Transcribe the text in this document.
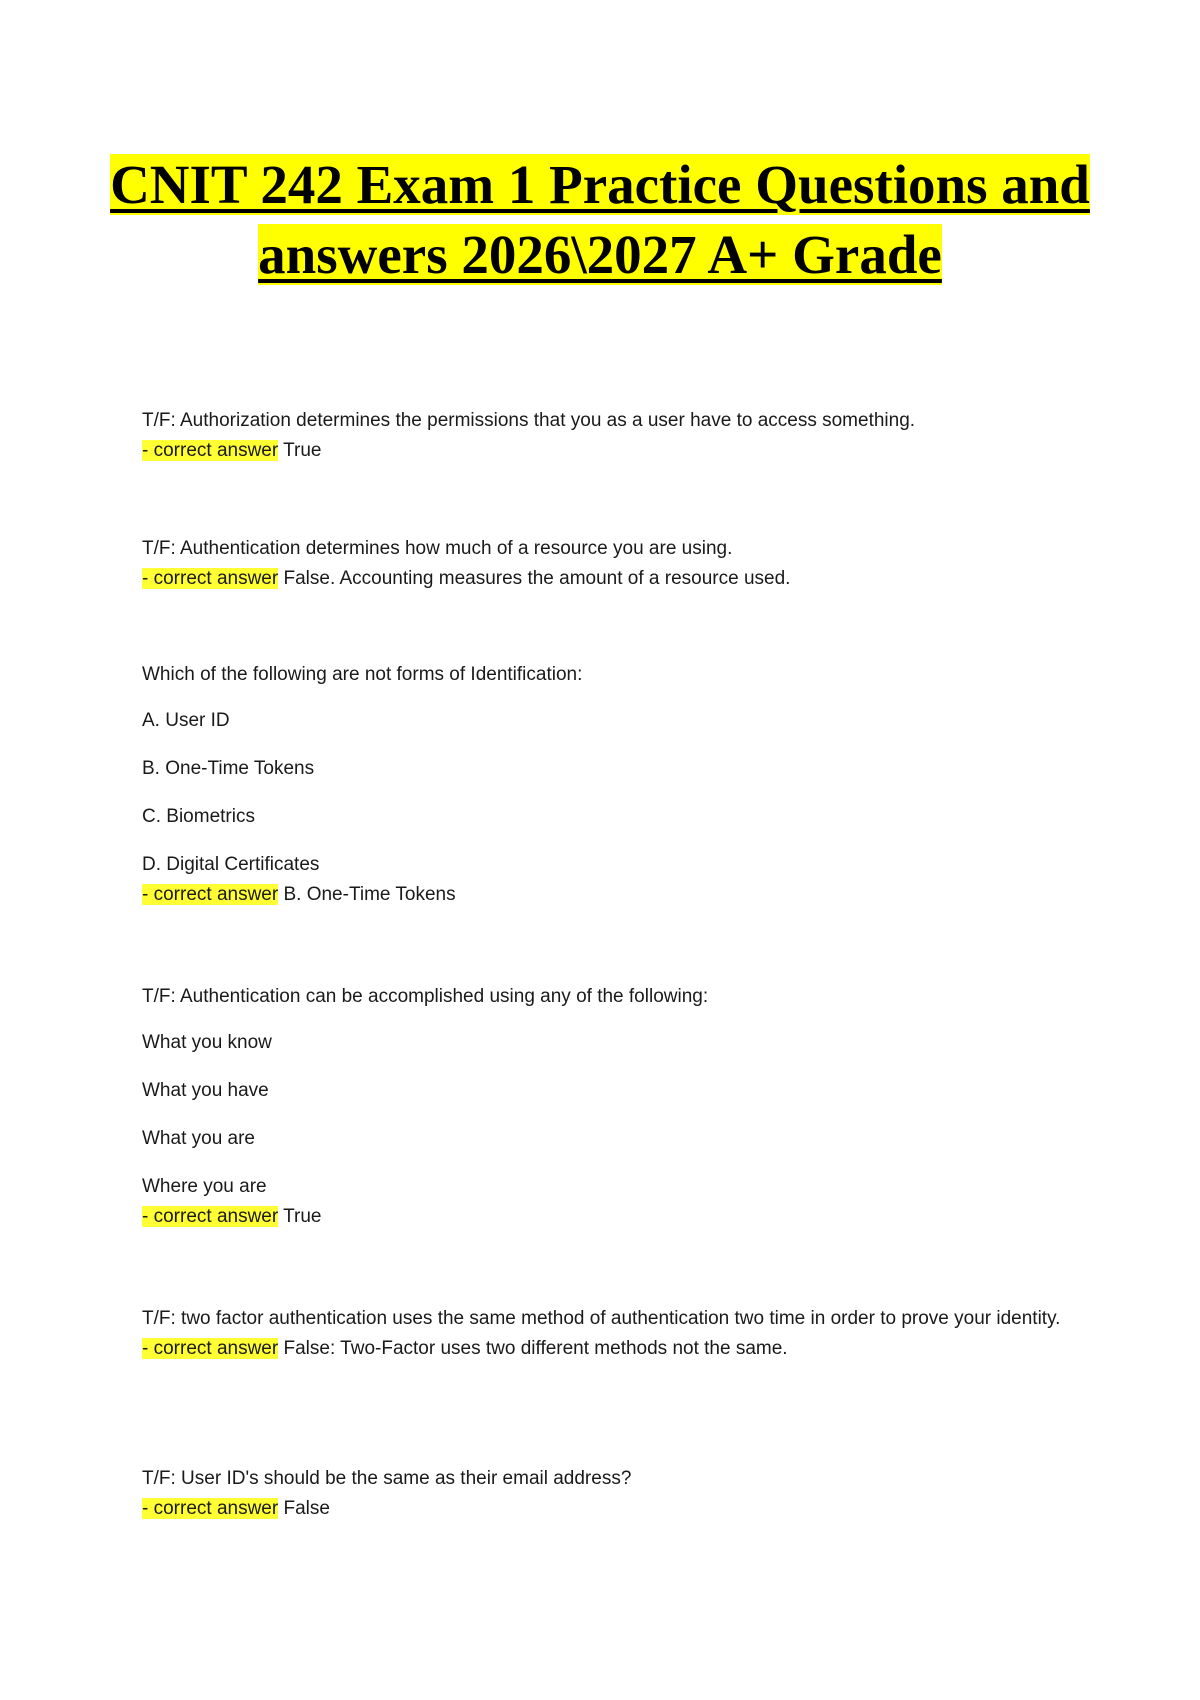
CNIT 242 Exam 1 Practice Questions and
answers 2026\2027 A+ Grade
T/F: Authorization determines the permissions that you as a user have to access something.
- correct answer True
T/F: Authentication determines how much of a resource you are using.
- correct answer False. Accounting measures the amount of a resource used.
Which of the following are not forms of Identification:
A. User ID
B. One-Time Tokens
C. Biometrics
D. Digital Certificates
- correct answer B. One-Time Tokens
T/F: Authentication can be accomplished using any of the following:
What you know
What you have
What you are
Where you are
- correct answer True
T/F: two factor authentication uses the same method of authentication two time in order to prove your identity.
- correct answer False: Two-Factor uses two different methods not the same.
T/F: User ID's should be the same as their email address?
- correct answer False
